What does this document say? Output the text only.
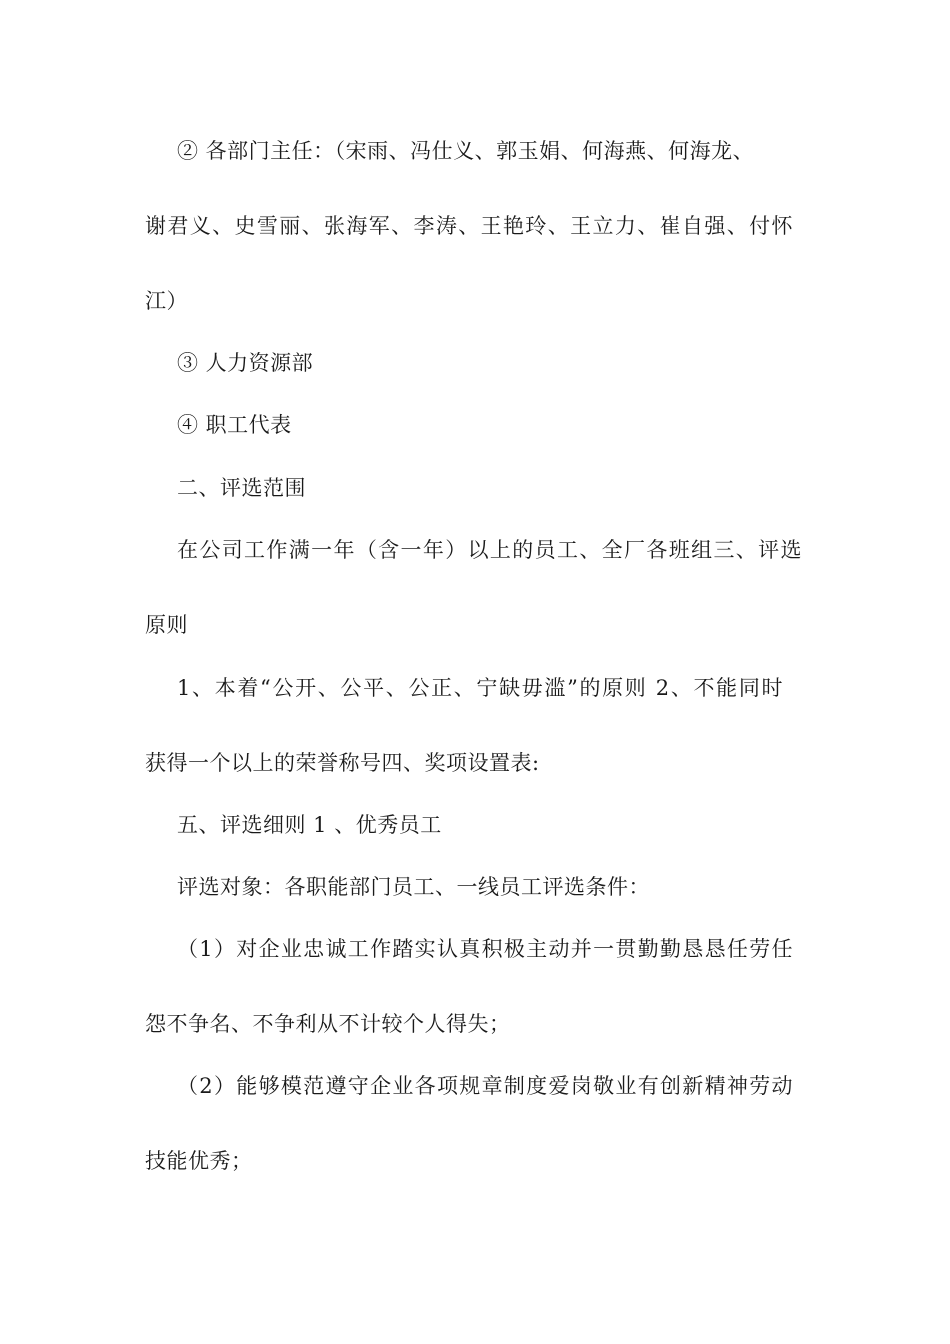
② 各部门主任：（宋雨、冯仕义、郭玉娟、何海燕、何海龙、
谢君义、史雪丽、张海军、李涛、王艳玲、王立力、崔自强、付怀
江）
③ 人力资源部
④ 职工代表
二、评选范围
在公司工作满一年（含一年）以上的员工、全厂各班组三、评选
原则
1、本着“公开、公平、公正、宁缺毋滥”的原则 2、不能同时
获得一个以上的荣誉称号四、奖项设置表:
五、评选细则 1 、优秀员工
评选对象：各职能部门员工、一线员工评选条件：
（1）对企业忠诚工作踏实认真积极主动并一贯勤勤恳恳任劳任
怨不争名、不争利从不计较个人得失；
（2）能够模范遵守企业各项规章制度爱岗敬业有创新精神劳动
技能优秀；
